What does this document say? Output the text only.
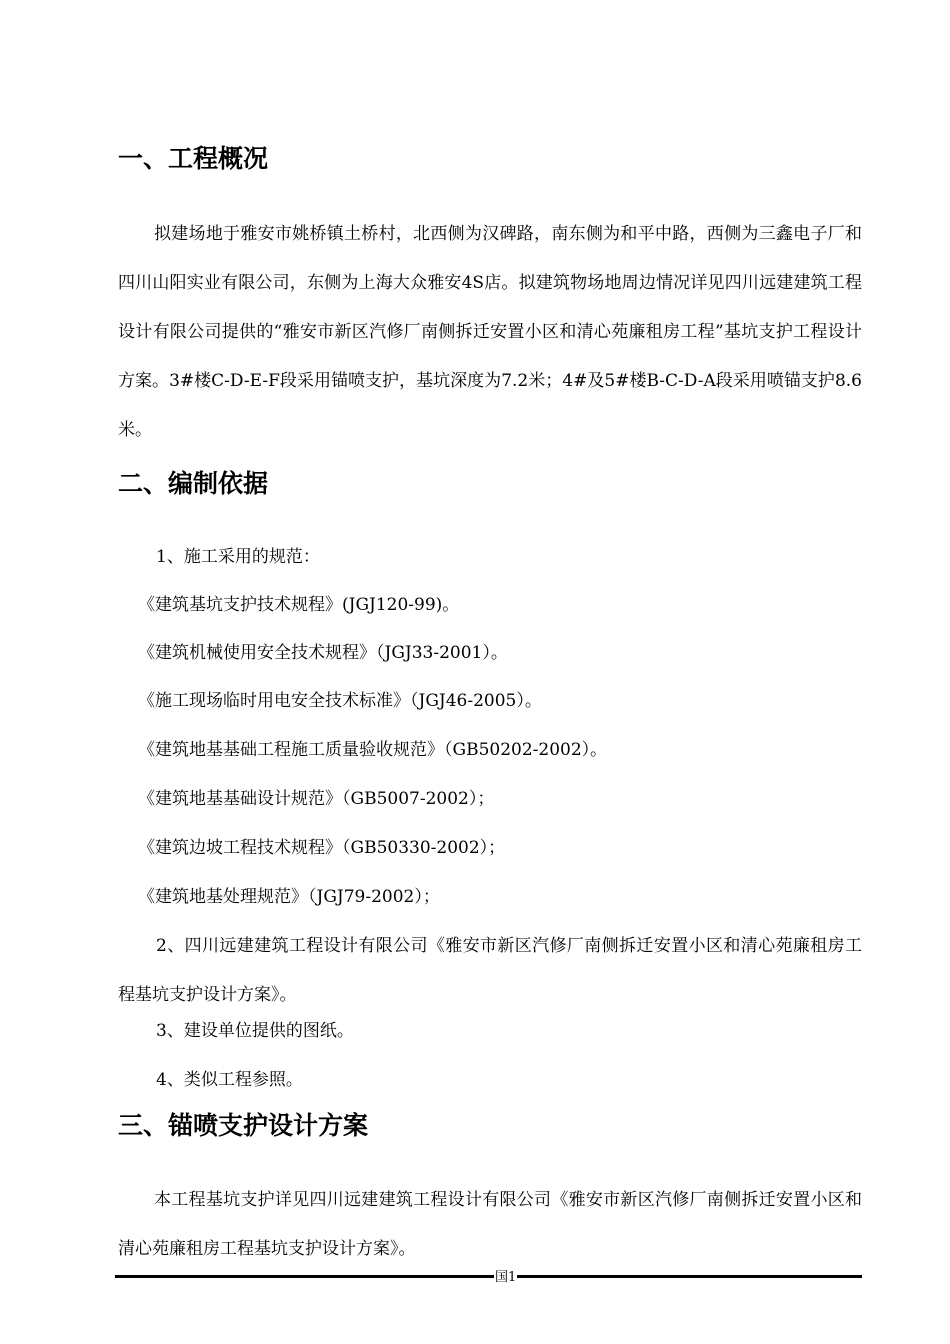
一、工程概况

拟建场地于雅安市姚桥镇土桥村，北西侧为汉碑路，南东侧为和平中路，西侧为三鑫电子厂和四川山阳实业有限公司，东侧为上海大众雅安4S店。拟建筑物场地周边情况详见四川远建建筑工程设计有限公司提供的“雅安市新区汽修厂南侧拆迁安置小区和清心苑廉租房工程”基坑支护工程设计方案。3#楼C-D-E-F段采用锚喷支护，基坑深度为7.2米；4#及5#楼B-C-D-A段采用喷锚支护8.6米。

二、编制依据

1、施工采用的规范：

《建筑基坑支护技术规程》(JGJ120-99)。

《建筑机械使用安全技术规程》（JGJ33-2001）。

《施工现场临时用电安全技术标准》（JGJ46-2005）。

《建筑地基基础工程施工质量验收规范》（GB50202-2002）。

《建筑地基基础设计规范》（GB5007-2002）；

《建筑边坡工程技术规程》（GB50330-2002）；

《建筑地基处理规范》（JGJ79-2002）；

2、四川远建建筑工程设计有限公司《雅安市新区汽修厂南侧拆迁安置小区和清心苑廉租房工程基坑支护设计方案》。

3、建设单位提供的图纸。

4、类似工程参照。

三、锚喷支护设计方案

本工程基坑支护详见四川远建建筑工程设计有限公司《雅安市新区汽修厂南侧拆迁安置小区和清心苑廉租房工程基坑支护设计方案》。

国1
